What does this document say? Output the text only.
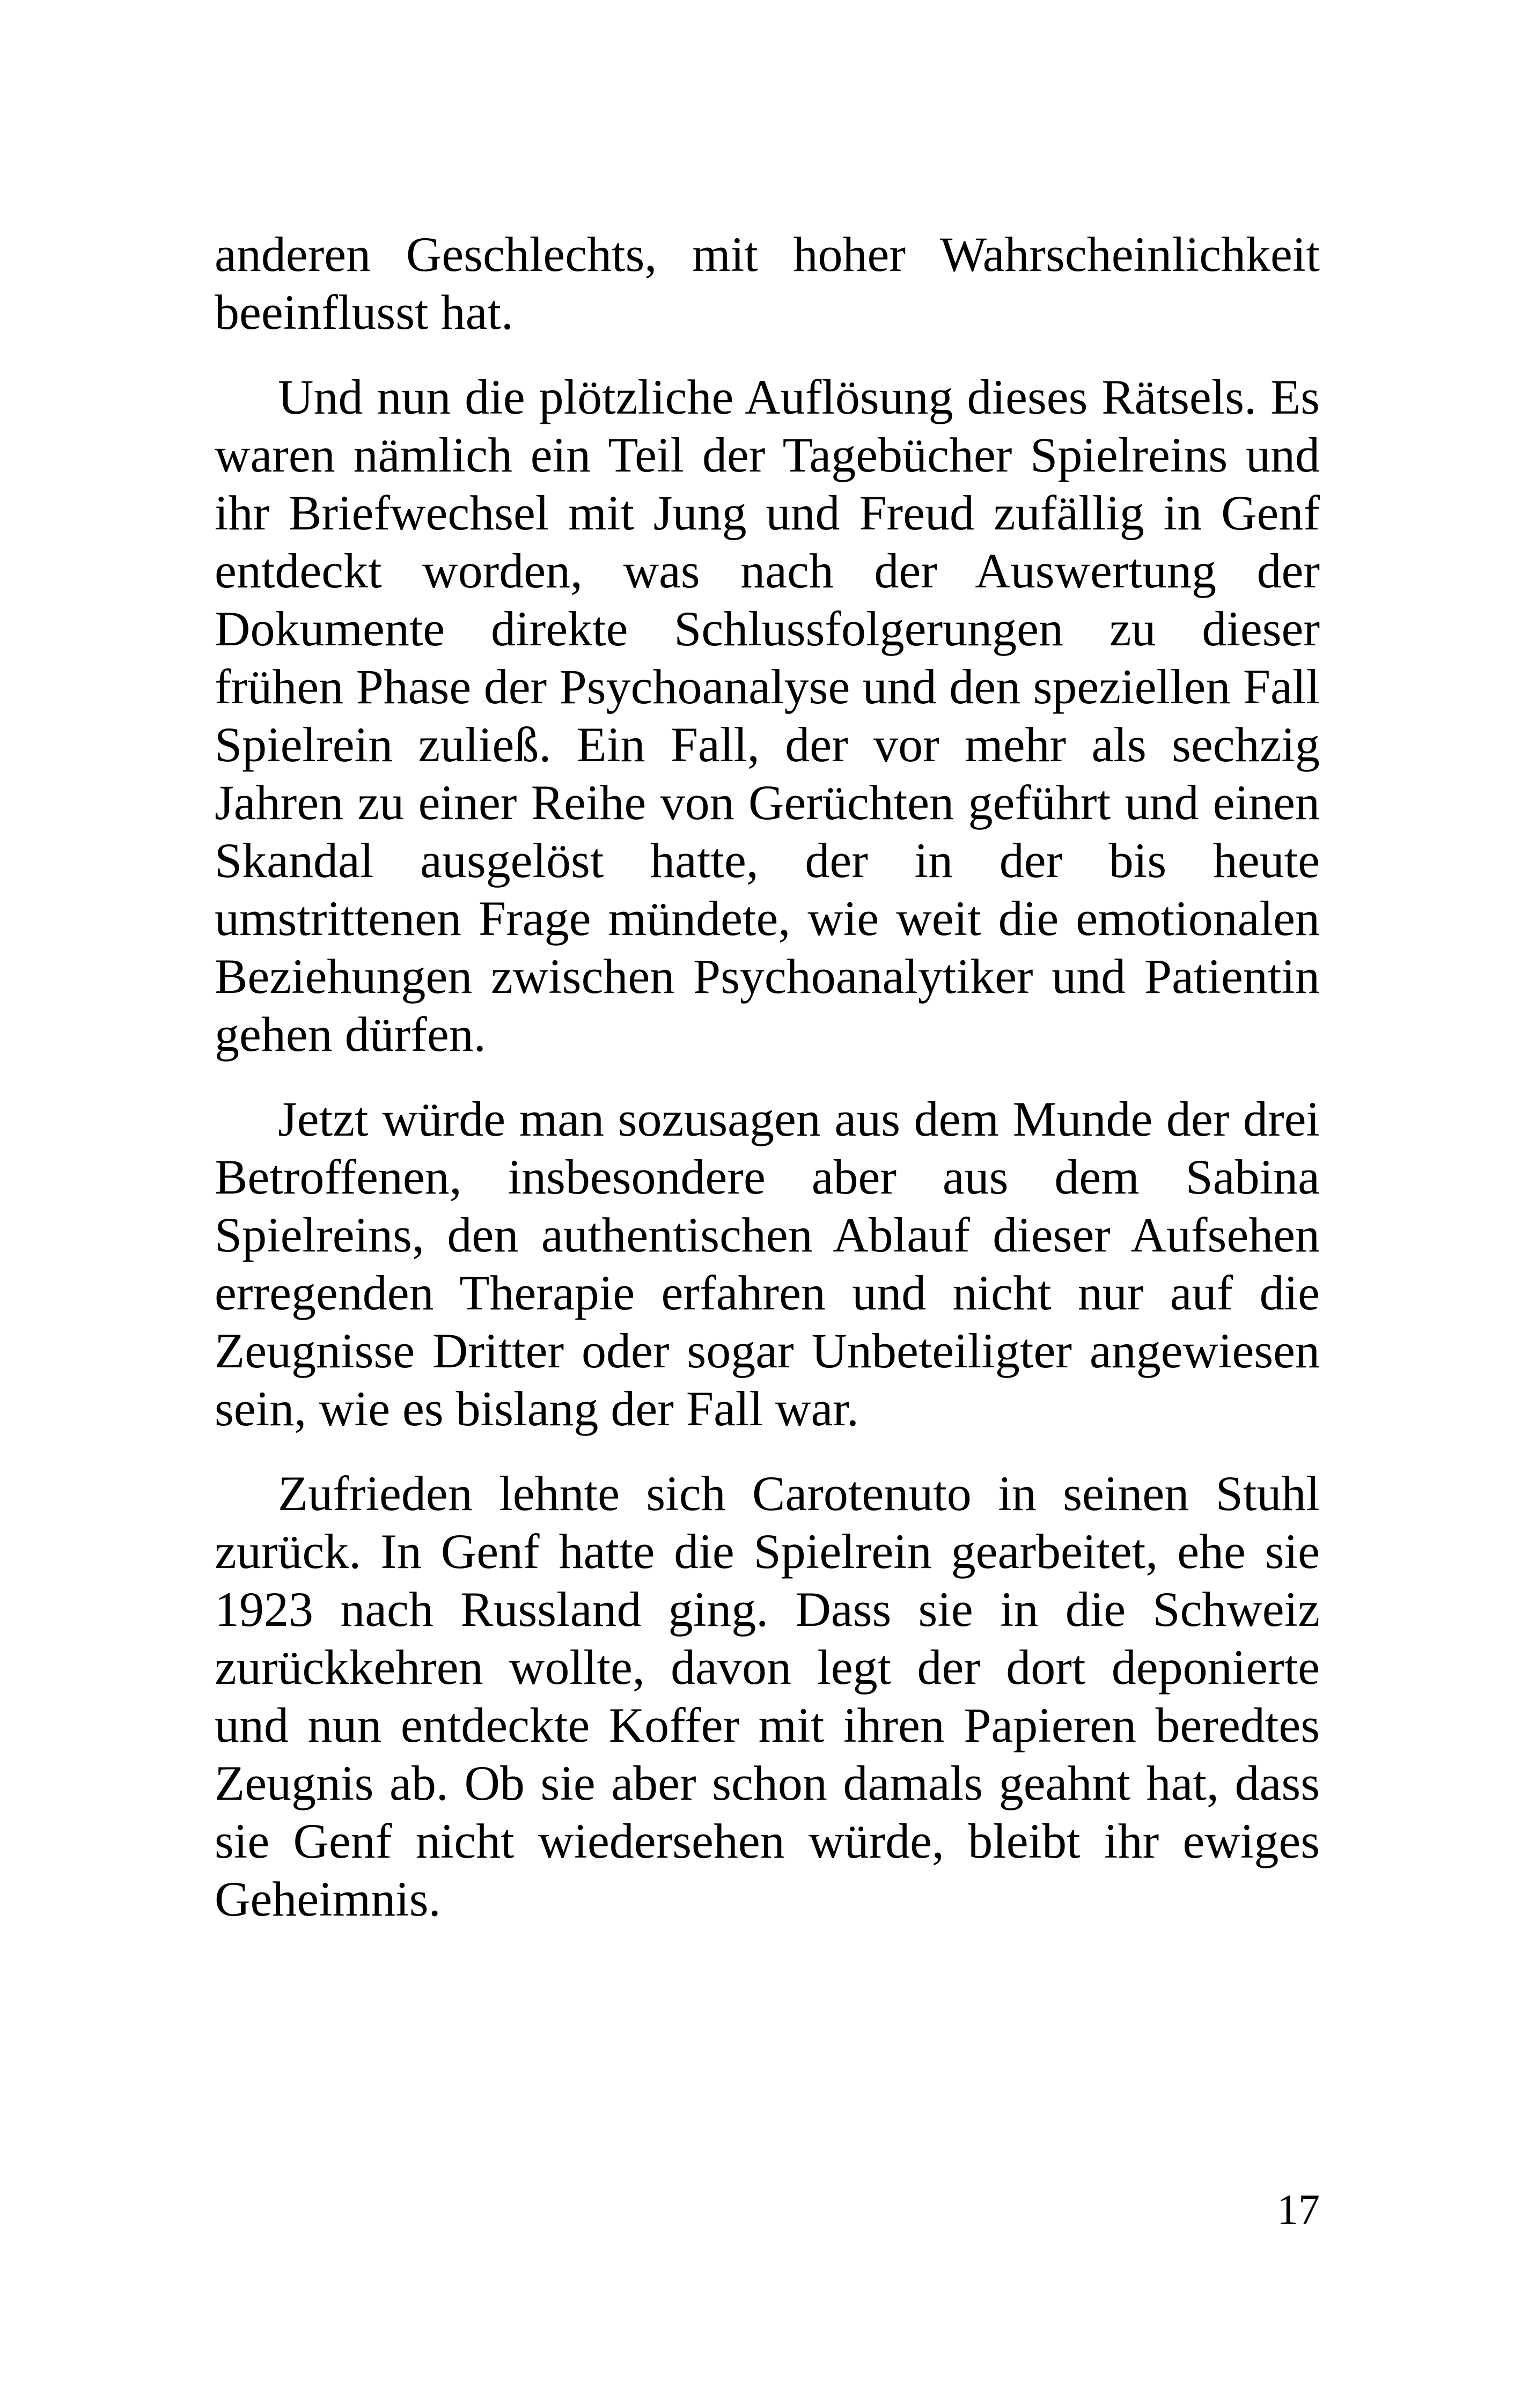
anderen Geschlechts, mit hoher Wahrscheinlichkeit beeinflusst hat.

Und nun die plötzliche Auflösung dieses Rätsels. Es waren nämlich ein Teil der Tagebücher Spielreins und ihr Briefwechsel mit Jung und Freud zufällig in Genf entdeckt worden, was nach der Auswertung der Dokumente direkte Schlussfolgerungen zu dieser frühen Phase der Psychoanalyse und den speziellen Fall Spielrein zuließ. Ein Fall, der vor mehr als sechzig Jahren zu einer Reihe von Gerüchten geführt und einen Skandal ausgelöst hatte, der in der bis heute umstrittenen Frage mündete, wie weit die emotionalen Beziehungen zwischen Psychoanalytiker und Patientin gehen dürfen.

Jetzt würde man sozusagen aus dem Munde der drei Betroffenen, insbesondere aber aus dem Sabina Spielreins, den authentischen Ablauf dieser Aufsehen erregenden Therapie erfahren und nicht nur auf die Zeugnisse Dritter oder sogar Unbeteiligter angewiesen sein, wie es bislang der Fall war.

Zufrieden lehnte sich Carotenuto in seinen Stuhl zurück. In Genf hatte die Spielrein gearbeitet, ehe sie 1923 nach Russland ging. Dass sie in die Schweiz zurückkehren wollte, davon legt der dort deponierte und nun entdeckte Koffer mit ihren Papieren beredtes Zeugnis ab. Ob sie aber schon damals geahnt hat, dass sie Genf nicht wiedersehen würde, bleibt ihr ewiges Geheimnis.

17
